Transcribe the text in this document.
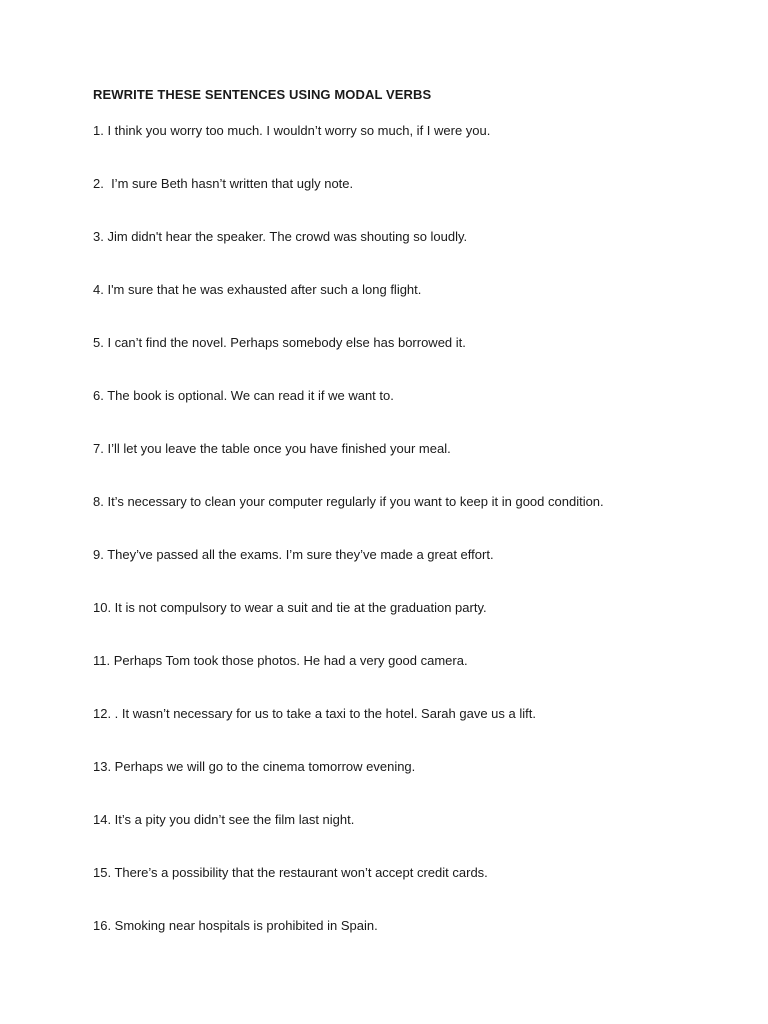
REWRITE THESE SENTENCES USING MODAL VERBS
1. I think you worry too much. I wouldn’t worry so much, if I were you.
2.  I’m sure Beth hasn’t written that ugly note.
3. Jim didn't hear the speaker. The crowd was shouting so loudly.
4. I'm sure that he was exhausted after such a long flight.
5. I can’t find the novel. Perhaps somebody else has borrowed it.
6. The book is optional. We can read it if we want to.
7. I’ll let you leave the table once you have finished your meal.
8. It’s necessary to clean your computer regularly if you want to keep it in good condition.
9. They’ve passed all the exams. I’m sure they’ve made a great effort.
10. It is not compulsory to wear a suit and tie at the graduation party.
11. Perhaps Tom took those photos. He had a very good camera.
12. . It wasn’t necessary for us to take a taxi to the hotel. Sarah gave us a lift.
13. Perhaps we will go to the cinema tomorrow evening.
14. It’s a pity you didn’t see the film last night.
15. There’s a possibility that the restaurant won’t accept credit cards.
16. Smoking near hospitals is prohibited in Spain.
